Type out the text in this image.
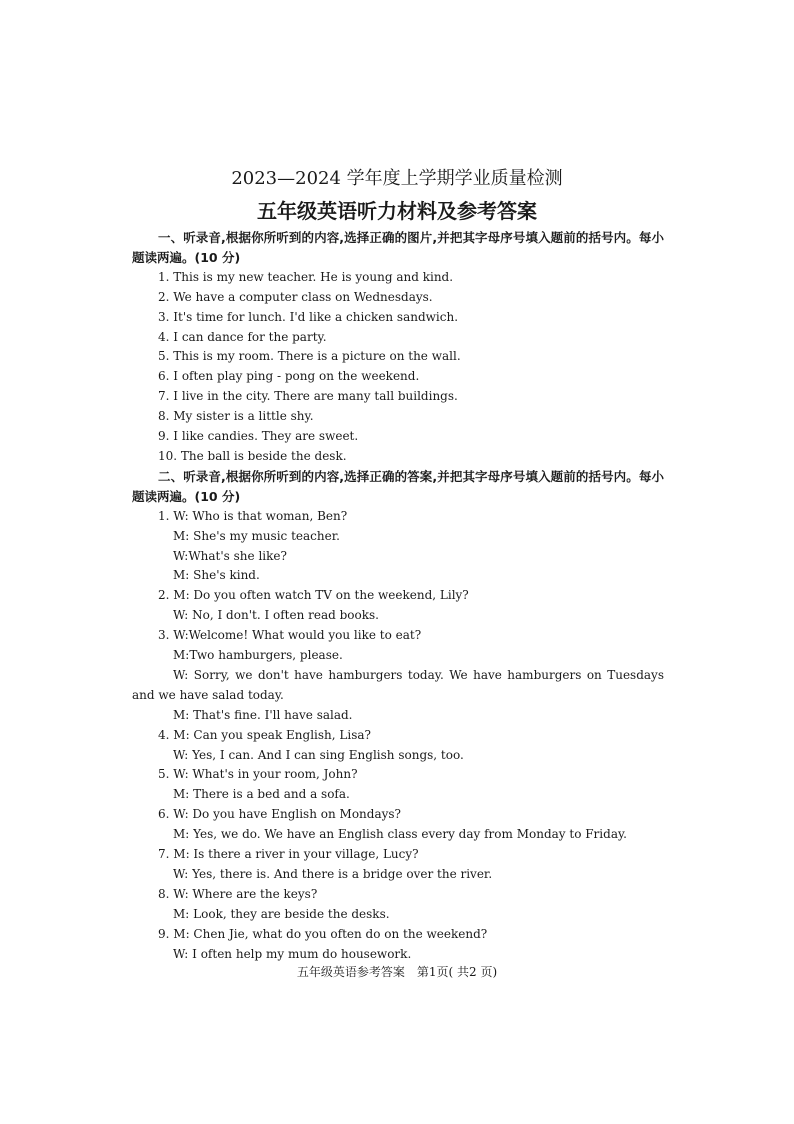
2023—2024 学年度上学期学业质量检测
五年级英语听力材料及参考答案
一、听录音,根据你所听到的内容,选择正确的图片,并把其字母序号填入题前的括号内。每小题读两遍。(10 分)
1. This is my new teacher. He is young and kind.
2. We have a computer class on Wednesdays.
3. It's time for lunch. I'd like a chicken sandwich.
4. I can dance for the party.
5. This is my room. There is a picture on the wall.
6. I often play ping - pong on the weekend.
7. I live in the city. There are many tall buildings.
8. My sister is a little shy.
9. I like candies. They are sweet.
10. The ball is beside the desk.
二、听录音,根据你所听到的内容,选择正确的答案,并把其字母序号填入题前的括号内。每小题读两遍。(10 分)
1. W: Who is that woman, Ben?
M: She's my music teacher.
W:What's she like?
M: She's kind.
2. M: Do you often watch TV on the weekend, Lily?
W: No, I don't. I often read books.
3. W:Welcome! What would you like to eat?
M:Two hamburgers, please.
W: Sorry, we don't have hamburgers today. We have hamburgers on Tuesdays and we have salad today.
M: That's fine. I'll have salad.
4. M: Can you speak English, Lisa?
W: Yes, I can. And I can sing English songs, too.
5. W: What's in your room, John?
M: There is a bed and a sofa.
6. W: Do you have English on Mondays?
M: Yes, we do. We have an English class every day from Monday to Friday.
7. M: Is there a river in your village, Lucy?
W: Yes, there is. And there is a bridge over the river.
8. W: Where are the keys?
M: Look, they are beside the desks.
9. M: Chen Jie, what do you often do on the weekend?
W: I often help my mum do housework.
五年级英语参考答案　第1页( 共2 页)
